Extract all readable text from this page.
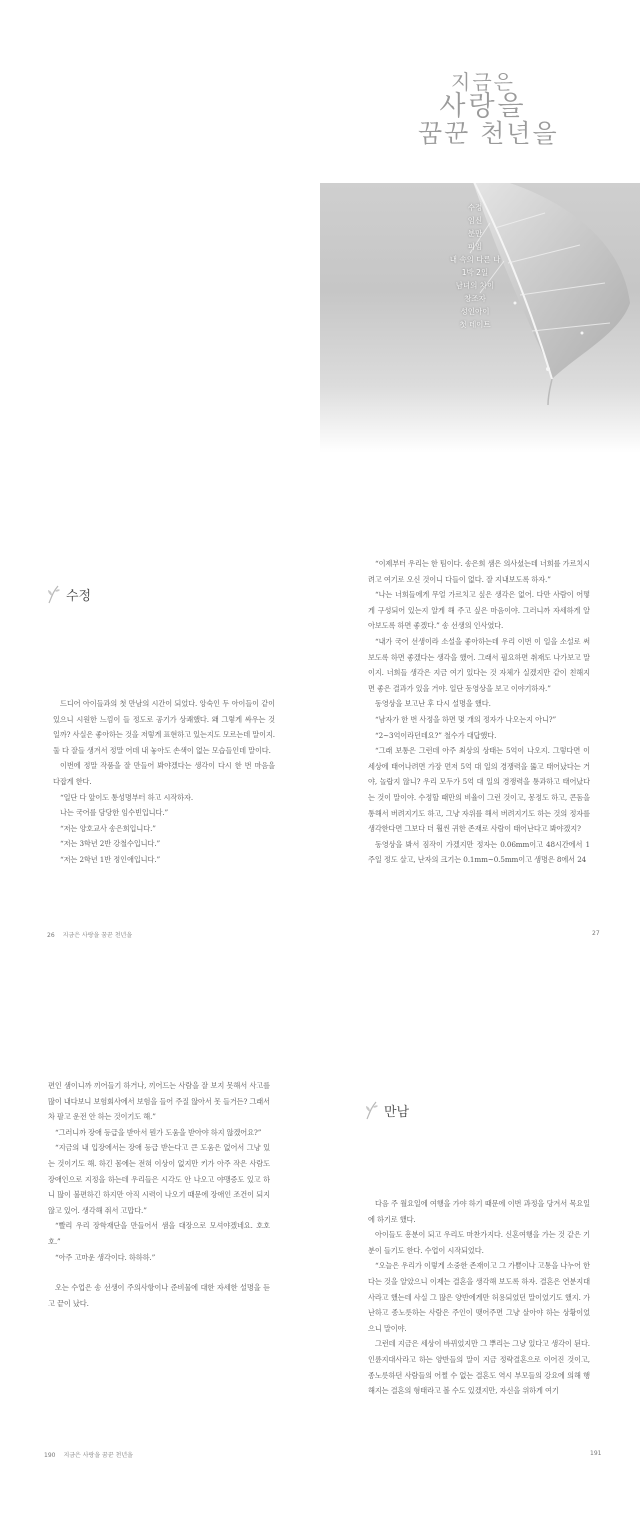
지금은
사랑을
꿈꾼 천년을
수정
임신
분만
피임
내 속의 다른 나
1박 2일
남녀의 차이
창조자
성인아이
첫 데이트
수정

드디어 아이들과의 첫 만남의 시간이 되었다. 앙숙인 두 아이들이 같이 있으니 시원한 느낌이 들 정도로 공기가 상쾌했다. 왜 그렇게 싸우는 것일까? 사실은 좋아하는 것을 저렇게 표현하고 있는지도 모르는데 말이지. 둘 다 잘들 생겨서 정말 어데 내 놓아도 손색이 없는 모습들인데 말이다.

이번에 정말 작품을 잘 만들어 봐야겠다는 생각이 다시 한 번 마음을 다잡게 한다.

“일단 다 앞이도 통성명부터 하고 시작하자.

나는 국어를 담당한 임수빈입니다.”

“저는 양호교사 송은희입니다.”

“저는 3학년 2반 강철수입니다.”

“저는 2학년 1반 정인애입니다.”

26 지금은 사랑을 꿈꾼 천년을

“이제부터 우리는 한 팀이다. 송은희 샘은 의사셨는데 너희를 가르치시려고 여기로 오신 것이니 다들이 없다. 잘 지내보도록 하자.”

“나는 너희들에게 무얼 가르치고 싶은 생각은 없어. 다만 사람이 어떻게 구성되어 있는지 알게 해 주고 싶은 마음이야. 그러니까 자세하게 알아보도록 하면 좋겠다.” 송 선생의 인사였다.

“내가 국어 선생이라 소설을 좋아하는데 우리 이번 이 일을 소설로 써보도록 하면 좋겠다는 생각을 했어. 그래서 필요하면 취재도 나가보고 말이지. 너희들 생각은 지금 여기 있다는 것 자체가 실겠지만 같이 친해지면 좋은 결과가 있을 거야. 일단 동영상을 보고 이야기하자.”

동영상을 보고난 후 다시 설명을 했다.

“남자가 한 번 사정을 하면 몇 개의 정자가 나오는지 아니?”

“2~3억이라던데요?” 철수가 대답했다.

“그래 보통은 그런데 아주 최상의 상태는 5억이 나오지. 그렇다면 이 세상에 태어나려면 가장 먼저 5억 대 일의 경쟁력을 뚫고 태어났다는 거야, 놀랍지 않니? 우리 모두가 5억 대 일의 경쟁력을 통과하고 태어났다는 것이 말이야. 수정할 때만의 비율이 그런 것이고, 몽정도 하고, 콘돔을 통해서 버려지기도 하고, 그냥 자위를 해서 버려지기도 하는 것의 정자를 생각한다면 그보다 더 훨씬 귀한 존재로 사람이 태어난다고 봐야겠지?

동영상을 봐서 짐작이 가겠지만 정자는 0.06mm이고 48시간에서 1주일 정도 살고, 난자의 크기는 0.1mm~0.5mm이고 생명은 8에서 24

27

편인 샘이니까 끼어들기 하거나, 끼어드는 사람을 잘 보지 못해서 사고를 많이 내다보니 보험회사에서 보험을 들어 주질 않아서 못 들거든? 그래서 차 팔고 운전 안 하는 것이기도 해.”

“그러니까 장애 등급을 받아서 뭔가 도움을 받아야 하지 않겠어요?”

“지금의 내 입장에서는 장애 등급 받는다고 큰 도움은 없어서 그냥 있는 것이기도 해. 하긴 몸에는 전혀 이상이 없지만 키가 아주 작은 사람도 장애인으로 지정을 하는데 우리들은 시각도 안 나오고 야맹증도 있고 하니 많이 불편하긴 하지만 아직 시력이 나오기 때문에 장애인 조건이 되지 않고 있어. 생각해 줘서 고맙다.”

“빨리 우리 장학재단을 만들어서 샘을 대장으로 모셔야겠네요. 호호호.”

“아주 고마운 생각이다. 하하하.”

오는 수업은 송 선생이 주의사항이나 준비물에 대한 자세한 설명을 듣고 끝이 났다.

190 지금은 사랑을 꿈꾼 천년을
만남

다음 주 월요일에 여행을 가야 하기 때문에 이번 과정을 당겨서 목요일에 하기로 했다.

아이들도 흥분이 되고 우리도 마찬가지다. 신혼여행을 가는 것 같은 기분이 들기도 한다. 수업이 시작되었다.

“오늘은 우리가 이렇게 소중한 존재이고 그 가쁨이나 고통을 나누어 한다는 것을 알았으니 이제는 결혼을 생각해 보도록 하자. 결혼은 연분지대사라고 했는데 사실 그 많은 양반에게만 허용되었던 말이었기도 했지. 가난하고 종노릇하는 사람은 주인이 맺어주면 그냥 살아야 하는 상황이었으니 말이야.

그런데 지금은 세상이 바뀌었지만 그 뿌리는 그냥 있다고 생각이 된다. 인륜지대사라고 하는 양반들의 말이 지금 정략결혼으로 이어진 것이고, 종노릇하던 사람들의 어쩔 수 없는 결혼도 역시 부모들의 강요에 의해 행해지는 결혼의 형태라고 볼 수도 있겠지만, 자신을 위하게 여기

191
